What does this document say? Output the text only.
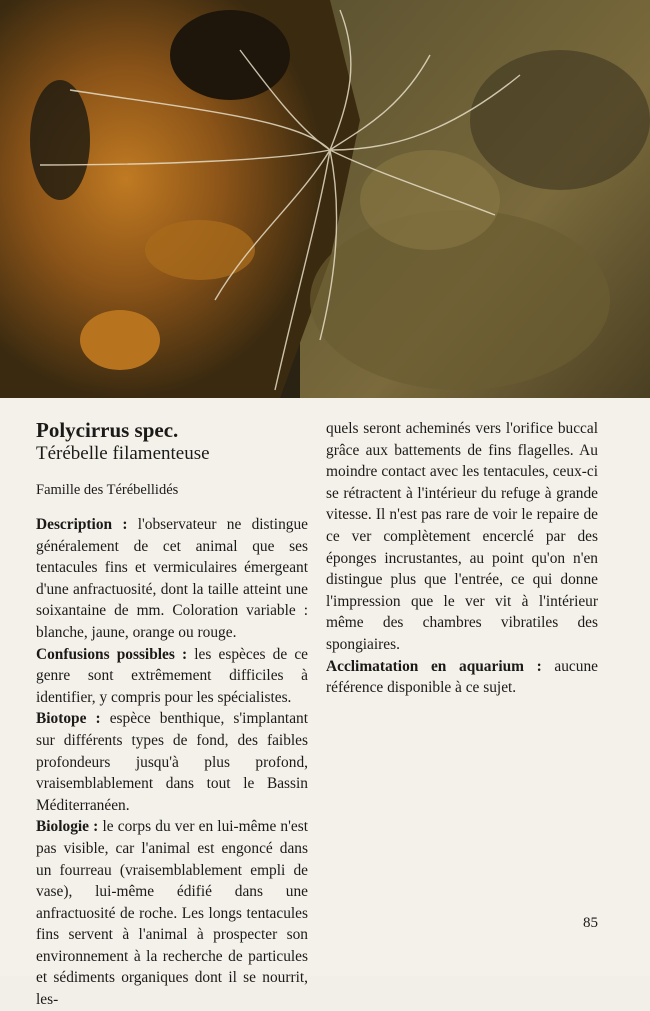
Polycirrus spec.

Térébelle filamenteuse

Famille des Térébellidés

Description : l'observateur ne distingue généralement de cet animal que ses tentacules fins et vermiculaires émergeant d'une anfractuosité, dont la taille atteint une soixantaine de mm. Coloration variable : blanche, jaune, orange ou rouge.

Confusions possibles : les espèces de ce genre sont extrêmement difficiles à identifier, y compris pour les spécialistes.

Biotope : espèce benthique, s'implantant sur différents types de fond, des faibles profondeurs jusqu'à plus profond, vraisemblablement dans tout le Bassin Méditerranéen.

Biologie : le corps du ver en lui-même n'est pas visible, car l'animal est engoncé dans un fourreau (vraisemblablement empli de vase), lui-même édifié dans une anfractuosité de roche. Les longs tentacules fins servent à l'animal à prospecter son environnement à la recherche de particules et sédiments organiques dont il se nourrit, les-

quels seront acheminés vers l'orifice buccal grâce aux battements de fins flagelles. Au moindre contact avec les tentacules, ceux-ci se rétractent à l'intérieur du refuge à grande vitesse. Il n'est pas rare de voir le repaire de ce ver complètement encerclé par des éponges incrustantes, au point qu'on n'en distingue plus que l'entrée, ce qui donne l'impression que le ver vit à l'intérieur même des chambres vibratiles des spongiaires.

Acclimatation en aquarium : aucune référence disponible à ce sujet.

85
